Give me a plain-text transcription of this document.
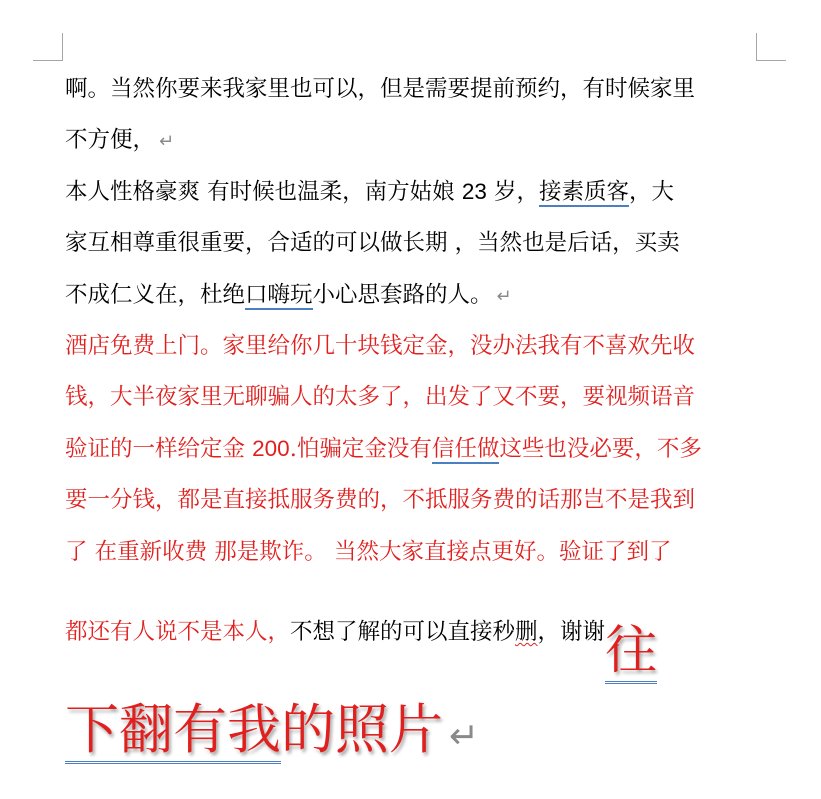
啊。当然你要来我家里也可以，但是需要提前预约，有时候家里
不方便， ↵
本人性格豪爽 有时候也温柔，南方姑娘 23 岁，接素质客，大
家互相尊重很重要，合适的可以做长期 ，当然也是后话，买卖
不成仁义在，杜绝口嗨玩小心思套路的人。 ↵
酒店免费上门。家里给你几十块钱定金，没办法我有不喜欢先收
钱，大半夜家里无聊骗人的太多了，出发了又不要，要视频语音
验证的一样给定金 200.怕骗定金没有信任做这些也没必要，不多
要一分钱，都是直接抵服务费的，不抵服务费的话那岂不是我到
了 在重新收费 那是欺诈。 当然大家直接点更好。验证了到了
都还有人说不是本人，不想了解的可以直接秒删，谢谢往
下翻有我的照片 ↵
